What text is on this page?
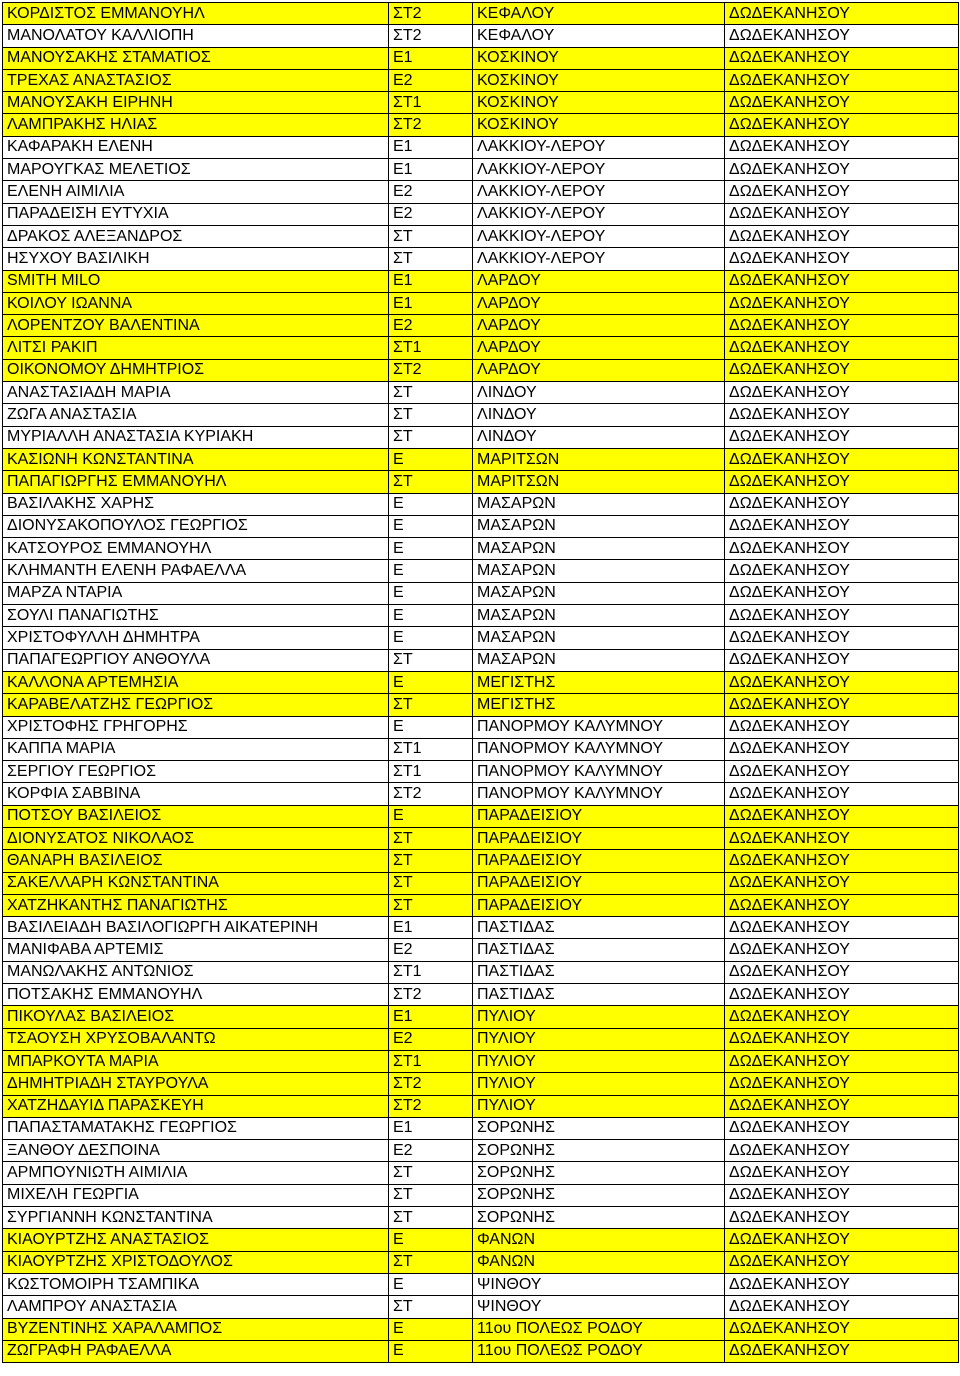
ΚΟΡΔΙΣΤΟΣ ΕΜΜΑΝΟΥΗΛ	ΣΤ2	ΚΕΦΑΛΟΥ	ΔΩΔΕΚΑΝΗΣΟΥ
ΜΑΝΟΛΑΤΟΥ ΚΑΛΛΙΟΠΗ	ΣΤ2	ΚΕΦΑΛΟΥ	ΔΩΔΕΚΑΝΗΣΟΥ
ΜΑΝΟΥΣΑΚΗΣ ΣΤΑΜΑΤΙΟΣ	Ε1	ΚΟΣΚΙΝΟΥ	ΔΩΔΕΚΑΝΗΣΟΥ
ΤΡΕΧΑΣ ΑΝΑΣΤΑΣΙΟΣ	Ε2	ΚΟΣΚΙΝΟΥ	ΔΩΔΕΚΑΝΗΣΟΥ
ΜΑΝΟΥΣΑΚΗ ΕΙΡΗΝΗ	ΣΤ1	ΚΟΣΚΙΝΟΥ	ΔΩΔΕΚΑΝΗΣΟΥ
ΛΑΜΠΡΑΚΗΣ ΗΛΙΑΣ	ΣΤ2	ΚΟΣΚΙΝΟΥ	ΔΩΔΕΚΑΝΗΣΟΥ
ΚΑΦΑΡΑΚΗ ΕΛΕΝΗ	Ε1	ΛΑΚΚΙΟΥ-ΛΕΡΟΥ	ΔΩΔΕΚΑΝΗΣΟΥ
ΜΑΡΟΥΓΚΑΣ ΜΕΛΕΤΙΟΣ	Ε1	ΛΑΚΚΙΟΥ-ΛΕΡΟΥ	ΔΩΔΕΚΑΝΗΣΟΥ
ΕΛΕΝΗ ΑΙΜΙΛΙΑ	Ε2	ΛΑΚΚΙΟΥ-ΛΕΡΟΥ	ΔΩΔΕΚΑΝΗΣΟΥ
ΠΑΡΑΔΕΙΣΗ ΕΥΤΥΧΙΑ	Ε2	ΛΑΚΚΙΟΥ-ΛΕΡΟΥ	ΔΩΔΕΚΑΝΗΣΟΥ
ΔΡΑΚΟΣ ΑΛΕΞΑΝΔΡΟΣ	ΣΤ	ΛΑΚΚΙΟΥ-ΛΕΡΟΥ	ΔΩΔΕΚΑΝΗΣΟΥ
ΗΣΥΧΟΥ ΒΑΣΙΛΙΚΗ	ΣΤ	ΛΑΚΚΙΟΥ-ΛΕΡΟΥ	ΔΩΔΕΚΑΝΗΣΟΥ
SMITH MILO	Ε1	ΛΑΡΔΟΥ	ΔΩΔΕΚΑΝΗΣΟΥ
ΚΟΙΛΟΥ ΙΩΑΝΝΑ	Ε1	ΛΑΡΔΟΥ	ΔΩΔΕΚΑΝΗΣΟΥ
ΛΟΡΕΝΤΖΟΥ ΒΑΛΕΝΤΙΝΑ	Ε2	ΛΑΡΔΟΥ	ΔΩΔΕΚΑΝΗΣΟΥ
ΛΙΤΣΙ ΡΑΚΙΠ	ΣΤ1	ΛΑΡΔΟΥ	ΔΩΔΕΚΑΝΗΣΟΥ
ΟΙΚΟΝΟΜΟΥ ΔΗΜΗΤΡΙΟΣ	ΣΤ2	ΛΑΡΔΟΥ	ΔΩΔΕΚΑΝΗΣΟΥ
ΑΝΑΣΤΑΣΙΑΔΗ ΜΑΡΙΑ	ΣΤ	ΛΙΝΔΟΥ	ΔΩΔΕΚΑΝΗΣΟΥ
ΖΩΓΑ ΑΝΑΣΤΑΣΙΑ	ΣΤ	ΛΙΝΔΟΥ	ΔΩΔΕΚΑΝΗΣΟΥ
ΜΥΡΙΑΛΛΗ ΑΝΑΣΤΑΣΙΑ ΚΥΡΙΑΚΗ	ΣΤ	ΛΙΝΔΟΥ	ΔΩΔΕΚΑΝΗΣΟΥ
ΚΑΣΙΩΝΗ ΚΩΝΣΤΑΝΤΙΝΑ	Ε	ΜΑΡΙΤΣΩΝ	ΔΩΔΕΚΑΝΗΣΟΥ
ΠΑΠΑΓΙΩΡΓΗΣ ΕΜΜΑΝΟΥΗΛ	ΣΤ	ΜΑΡΙΤΣΩΝ	ΔΩΔΕΚΑΝΗΣΟΥ
ΒΑΣΙΛΑΚΗΣ ΧΑΡΗΣ	Ε	ΜΑΣΑΡΩΝ	ΔΩΔΕΚΑΝΗΣΟΥ
ΔΙΟΝΥΣΑΚΟΠΟΥΛΟΣ ΓΕΩΡΓΙΟΣ	Ε	ΜΑΣΑΡΩΝ	ΔΩΔΕΚΑΝΗΣΟΥ
ΚΑΤΣΟΥΡΟΣ ΕΜΜΑΝΟΥΗΛ	Ε	ΜΑΣΑΡΩΝ	ΔΩΔΕΚΑΝΗΣΟΥ
ΚΛΗΜΑΝΤΗ ΕΛΕΝΗ ΡΑΦΑΕΛΛΑ	Ε	ΜΑΣΑΡΩΝ	ΔΩΔΕΚΑΝΗΣΟΥ
ΜΑΡΖΑ ΝΤΑΡΙΑ	Ε	ΜΑΣΑΡΩΝ	ΔΩΔΕΚΑΝΗΣΟΥ
ΣΟΥΛΙ ΠΑΝΑΓΙΩΤΗΣ	Ε	ΜΑΣΑΡΩΝ	ΔΩΔΕΚΑΝΗΣΟΥ
ΧΡΙΣΤΟΦΥΛΛΗ ΔΗΜΗΤΡΑ	Ε	ΜΑΣΑΡΩΝ	ΔΩΔΕΚΑΝΗΣΟΥ
ΠΑΠΑΓΕΩΡΓΙΟΥ ΑΝΘΟΥΛΑ	ΣΤ	ΜΑΣΑΡΩΝ	ΔΩΔΕΚΑΝΗΣΟΥ
ΚΑΛΛΟΝΑ ΑΡΤΕΜΗΣΙΑ	Ε	ΜΕΓΙΣΤΗΣ	ΔΩΔΕΚΑΝΗΣΟΥ
ΚΑΡΑΒΕΛΑΤΖΗΣ ΓΕΩΡΓΙΟΣ	ΣΤ	ΜΕΓΙΣΤΗΣ	ΔΩΔΕΚΑΝΗΣΟΥ
ΧΡΙΣΤΟΦΗΣ ΓΡΗΓΟΡΗΣ	Ε	ΠΑΝΟΡΜΟΥ ΚΑΛΥΜΝΟΥ	ΔΩΔΕΚΑΝΗΣΟΥ
ΚΑΠΠΑ ΜΑΡΙΑ	ΣΤ1	ΠΑΝΟΡΜΟΥ ΚΑΛΥΜΝΟΥ	ΔΩΔΕΚΑΝΗΣΟΥ
ΣΕΡΓΙΟΥ ΓΕΩΡΓΙΟΣ	ΣΤ1	ΠΑΝΟΡΜΟΥ ΚΑΛΥΜΝΟΥ	ΔΩΔΕΚΑΝΗΣΟΥ
ΚΟΡΦΙΑ ΣΑΒΒΙΝΑ	ΣΤ2	ΠΑΝΟΡΜΟΥ ΚΑΛΥΜΝΟΥ	ΔΩΔΕΚΑΝΗΣΟΥ
ΠΟΤΣΟΥ ΒΑΣΙΛΕΙΟΣ	Ε	ΠΑΡΑΔΕΙΣΙΟΥ	ΔΩΔΕΚΑΝΗΣΟΥ
ΔΙΟΝΥΣΑΤΟΣ ΝΙΚΟΛΑΟΣ	ΣΤ	ΠΑΡΑΔΕΙΣΙΟΥ	ΔΩΔΕΚΑΝΗΣΟΥ
ΘΑΝΑΡΗ ΒΑΣΙΛΕΙΟΣ	ΣΤ	ΠΑΡΑΔΕΙΣΙΟΥ	ΔΩΔΕΚΑΝΗΣΟΥ
ΣΑΚΕΛΛΑΡΗ ΚΩΝΣΤΑΝΤΙΝΑ	ΣΤ	ΠΑΡΑΔΕΙΣΙΟΥ	ΔΩΔΕΚΑΝΗΣΟΥ
ΧΑΤΖΗΚΑΝΤΗΣ ΠΑΝΑΓΙΩΤΗΣ	ΣΤ	ΠΑΡΑΔΕΙΣΙΟΥ	ΔΩΔΕΚΑΝΗΣΟΥ
ΒΑΣΙΛΕΙΑΔΗ ΒΑΣΙΛΟΓΙΩΡΓΗ ΑΙΚΑΤΕΡΙΝΗ	Ε1	ΠΑΣΤΙΔΑΣ	ΔΩΔΕΚΑΝΗΣΟΥ
ΜΑΝΙΦΑΒΑ ΑΡΤΕΜΙΣ	Ε2	ΠΑΣΤΙΔΑΣ	ΔΩΔΕΚΑΝΗΣΟΥ
ΜΑΝΩΛΑΚΗΣ ΑΝΤΩΝΙΟΣ	ΣΤ1	ΠΑΣΤΙΔΑΣ	ΔΩΔΕΚΑΝΗΣΟΥ
ΠΟΤΣΑΚΗΣ ΕΜΜΑΝΟΥΗΛ	ΣΤ2	ΠΑΣΤΙΔΑΣ	ΔΩΔΕΚΑΝΗΣΟΥ
ΠΙΚΟΥΛΑΣ ΒΑΣΙΛΕΙΟΣ	Ε1	ΠΥΛΙΟΥ	ΔΩΔΕΚΑΝΗΣΟΥ
ΤΣΑΟΥΣΗ ΧΡΥΣΟΒΑΛΑΝΤΩ	Ε2	ΠΥΛΙΟΥ	ΔΩΔΕΚΑΝΗΣΟΥ
ΜΠΑΡΚΟΥΤΑ ΜΑΡΙΑ	ΣΤ1	ΠΥΛΙΟΥ	ΔΩΔΕΚΑΝΗΣΟΥ
ΔΗΜΗΤΡΙΑΔΗ ΣΤΑΥΡΟΥΛΑ	ΣΤ2	ΠΥΛΙΟΥ	ΔΩΔΕΚΑΝΗΣΟΥ
ΧΑΤΖΗΔΑΥΙΔ ΠΑΡΑΣΚΕΥΗ	ΣΤ2	ΠΥΛΙΟΥ	ΔΩΔΕΚΑΝΗΣΟΥ
ΠΑΠΑΣΤΑΜΑΤΑΚΗΣ ΓΕΩΡΓΙΟΣ	Ε1	ΣΟΡΩΝΗΣ	ΔΩΔΕΚΑΝΗΣΟΥ
ΞΑΝΘΟΥ ΔΕΣΠΟΙΝΑ	Ε2	ΣΟΡΩΝΗΣ	ΔΩΔΕΚΑΝΗΣΟΥ
ΑΡΜΠΟΥΝΙΩΤΗ ΑΙΜΙΛΙΑ	ΣΤ	ΣΟΡΩΝΗΣ	ΔΩΔΕΚΑΝΗΣΟΥ
ΜΙΧΕΛΗ ΓΕΩΡΓΙΑ	ΣΤ	ΣΟΡΩΝΗΣ	ΔΩΔΕΚΑΝΗΣΟΥ
ΣΥΡΓΙΑΝΝΗ ΚΩΝΣΤΑΝΤΙΝΑ	ΣΤ	ΣΟΡΩΝΗΣ	ΔΩΔΕΚΑΝΗΣΟΥ
ΚΙΑΟΥΡΤΖΗΣ ΑΝΑΣΤΑΣΙΟΣ	Ε	ΦΑΝΩΝ	ΔΩΔΕΚΑΝΗΣΟΥ
ΚΙΑΟΥΡΤΖΗΣ ΧΡΙΣΤΟΔΟΥΛΟΣ	ΣΤ	ΦΑΝΩΝ	ΔΩΔΕΚΑΝΗΣΟΥ
ΚΩΣΤΟΜΟΙΡΗ ΤΣΑΜΠΙΚΑ	Ε	ΨΙΝΘΟΥ	ΔΩΔΕΚΑΝΗΣΟΥ
ΛΑΜΠΡΟΥ ΑΝΑΣΤΑΣΙΑ	ΣΤ	ΨΙΝΘΟΥ	ΔΩΔΕΚΑΝΗΣΟΥ
ΒΥΖΕΝΤΙΝΗΣ ΧΑΡΑΛΑΜΠΟΣ	Ε	11ου ΠΟΛΕΩΣ ΡΟΔΟΥ	ΔΩΔΕΚΑΝΗΣΟΥ
ΖΩΓΡΑΦΗ ΡΑΦΑΕΛΛΑ	Ε	11ου ΠΟΛΕΩΣ ΡΟΔΟΥ	ΔΩΔΕΚΑΝΗΣΟΥ
